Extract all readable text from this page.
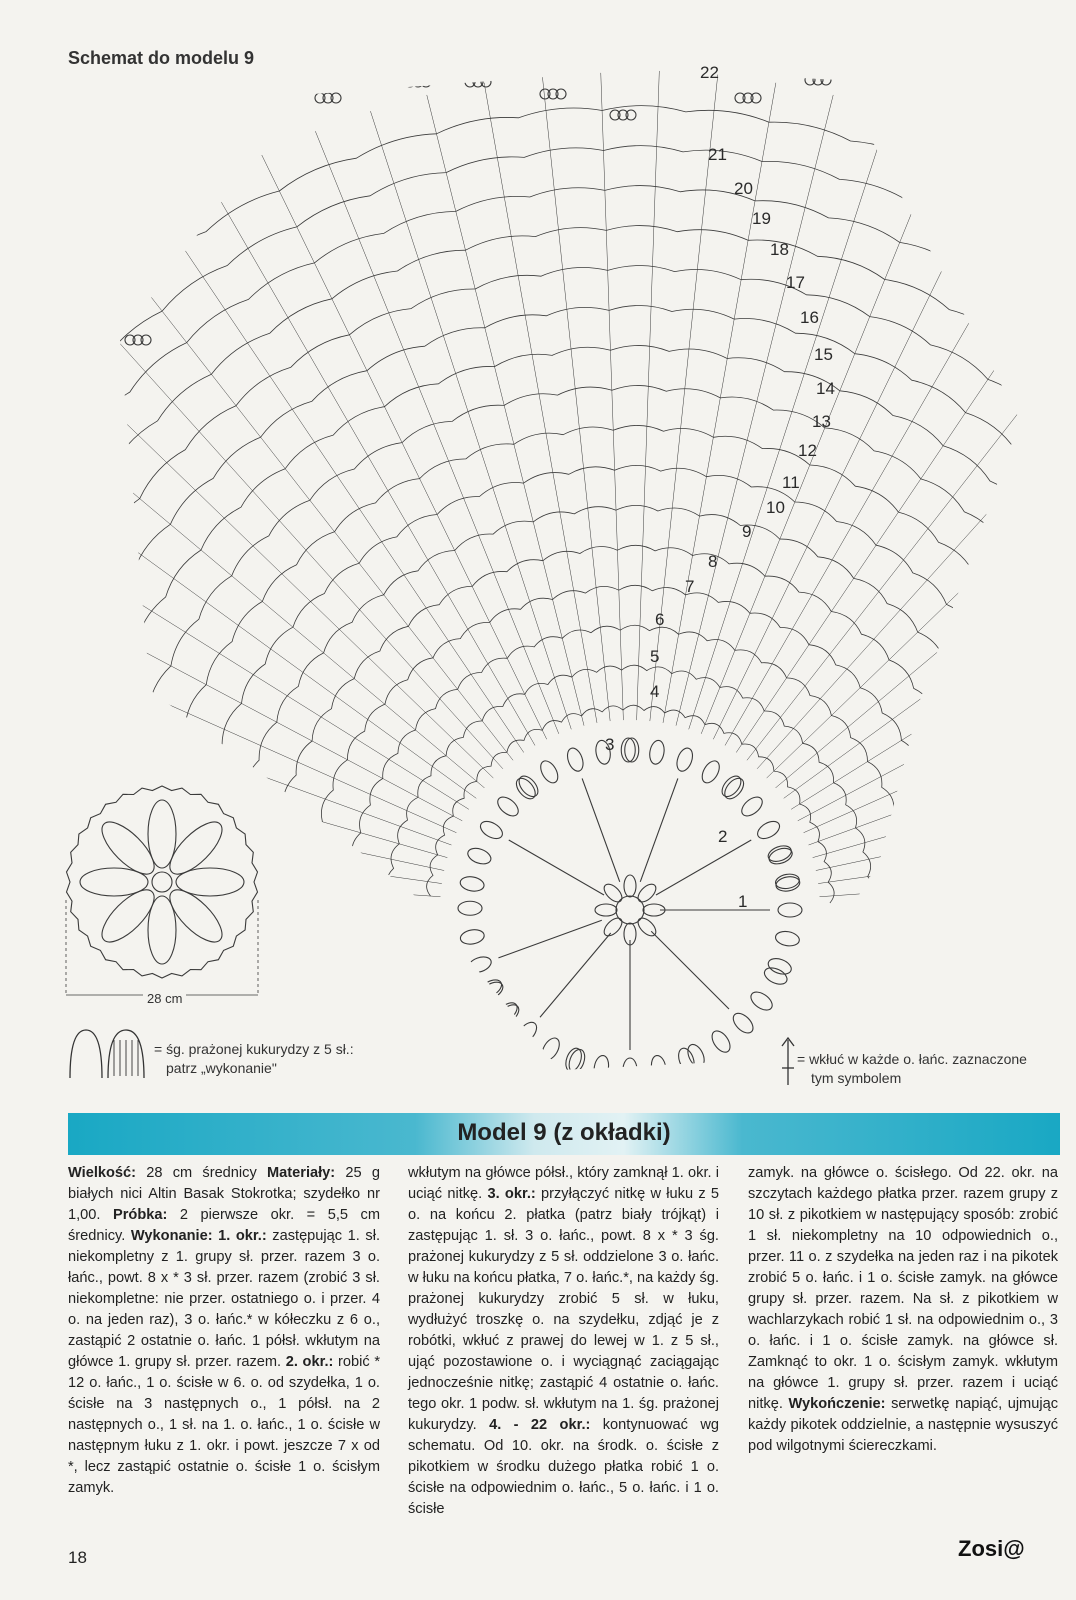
Schemat do modelu 9
1
2
3
4
5
6
7
8
9
10
11
12
13
14
15
16
17
18
19
20
21
22
28 cm
= śg. prażonej kukurydzy z 5 sł.:
patrz „wykonanie"
= wkłuć w każde o. łańc. zaznaczone
tym symbolem
Model 9 (z okładki)
Wielkość: 28 cm średnicy Materiały: 25 g białych nici Altin Basak Stokrotka; szydełko nr 1,00. Próbka: 2 pierwsze okr. = 5,5 cm średnicy. Wykonanie: 1. okr.: zastępując 1. sł. niekompletny z 1. grupy sł. przer. razem 3 o. łańc., powt. 8 x * 3 sł. przer. razem (zrobić 3 sł. niekompletne: nie przer. ostatniego o. i przer. 4 o. na jeden raz), 3 o. łańc.* w kółeczku z 6 o., zastąpić 2 ostatnie o. łańc. 1 półsł. wkłutym na główce 1. grupy sł. przer. razem. 2. okr.: robić * 12 o. łańc., 1 o. ścisłe w 6. o. od szydełka, 1 o. ścisłe na 3 następnych o., 1 półsł. na 2 następnych o., 1 sł. na 1. o. łańc., 1 o. ścisłe w następnym łuku z 1. okr. i powt. jeszcze 7 x od *, lecz zastąpić ostatnie o. ścisłe 1 o. ścisłym zamyk.
wkłutym na główce półsł., który zamknął 1. okr. i uciąć nitkę. 3. okr.: przyłączyć nitkę w łuku z 5 o. na końcu 2. płatka (patrz biały trójkąt) i zastępując 1. sł. 3 o. łańc., powt. 8 x * 3 śg. prażonej kukurydzy z 5 sł. oddzielone 3 o. łańc. w łuku na końcu płatka, 7 o. łańc.*, na każdy śg. prażonej kukurydzy zrobić 5 sł. w łuku, wydłużyć troszkę o. na szydełku, zdjąć je z robótki, wkłuć z prawej do lewej w 1. z 5 sł., ująć pozostawione o. i wyciągnąć zaciągając jednocześnie nitkę; zastąpić 4 ostatnie o. łańc. tego okr. 1 podw. sł. wkłutym na 1. śg. prażonej kukurydzy. 4. - 22 okr.: kontynuować wg schematu. Od 10. okr. na środk. o. ścisłe z pikotkiem w środku dużego płatka robić 1 o. ścisłe na odpowiednim o. łańc., 5 o. łańc. i 1 o. ścisłe
zamyk. na główce o. ścisłego. Od 22. okr. na szczytach każdego płatka przer. razem grupy z 10 sł. z pikotkiem w następujący sposób: zrobić 1 sł. niekompletny na 10 odpowiednich o., przer. 11 o. z szydełka na jeden raz i na pikotek zrobić 5 o. łańc. i 1 o. ścisłe zamyk. na główce grupy sł. przer. razem. Na sł. z pikotkiem w wachlarzykach robić 1 sł. na odpowiednim o., 3 o. łańc. i 1 o. ścisłe zamyk. na główce sł. Zamknąć to okr. 1 o. ścisłym zamyk. wkłutym na główce 1. grupy sł. przer. razem i uciąć nitkę. Wykończenie: serwetkę napiąć, ujmując każdy pikotek oddzielnie, a następnie wysuszyć pod wilgotnymi ściereczkami.
18	Zosi@
